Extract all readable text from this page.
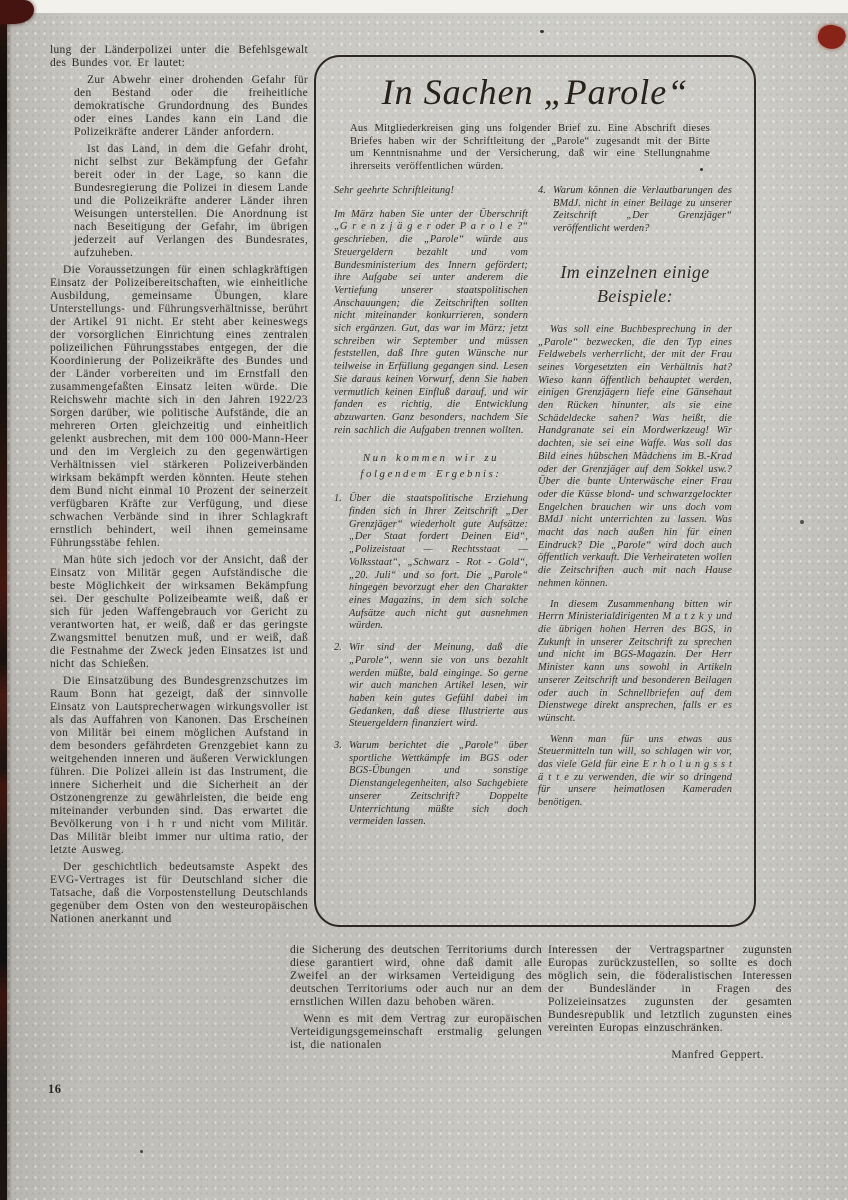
lung der Länderpolizei unter die Befehlsgewalt des Bundes vor. Er lautet:

Zur Abwehr einer drohenden Gefahr für den Bestand oder die freiheitliche demokratische Grundordnung des Bundes oder eines Landes kann ein Land die Polizeikräfte anderer Länder anfordern.

Ist das Land, in dem die Gefahr droht, nicht selbst zur Bekämpfung der Gefahr bereit oder in der Lage, so kann die Bundesregierung die Polizei in diesem Lande und die Polizeikräfte anderer Länder ihren Weisungen unterstellen. Die Anordnung ist nach Beseitigung der Gefahr, im übrigen jederzeit auf Verlangen des Bundesrates, aufzuheben.

Die Voraussetzungen für einen schlagkräftigen Einsatz der Polizeibereitschaften, wie einheitliche Ausbildung, gemeinsame Übungen, klare Unterstellungs- und Führungsverhältnisse, berührt der Artikel 91 nicht. Er steht aber keineswegs der vorsorglichen Einrichtung eines zentralen polizeilichen Führungsstabes entgegen, der die Koordinierung der Polizeikräfte des Bundes und der Länder vorbereiten und im Ernstfall den zusammengefaßten Einsatz leiten würde. Die Reichswehr machte sich in den Jahren 1922/23 Sorgen darüber, wie politische Aufstände, die an mehreren Orten gleichzeitig und einheitlich gelenkt ausbrechen, mit dem 100 000-Mann-Heer und den im Vergleich zu den gegenwärtigen Verhältnissen viel stärkeren Polizeiverbänden wirksam bekämpft werden könnten. Heute stehen dem Bund nicht einmal 10 Prozent der seinerzeit verfügbaren Kräfte zur Verfügung, und diese schwachen Verbände sind in ihrer Schlagkraft ernstlich behindert, weil ihnen gemeinsame Führungsstäbe fehlen.

Man hüte sich jedoch vor der Ansicht, daß der Einsatz von Militär gegen Aufständische die beste Möglichkeit der wirksamen Bekämpfung sei. Der geschulte Polizeibeamte weiß, daß er sich für jeden Waffengebrauch vor Gericht zu verantworten hat, er weiß, daß er das geringste Zwangsmittel benutzen muß, und er weiß, daß die Festnahme der Zweck jeden Einsatzes ist und nicht das Schießen.

Die Einsatzübung des Bundesgrenzschutzes im Raum Bonn hat gezeigt, daß der sinnvolle Einsatz von Lautsprecherwagen wirkungsvoller ist als das Auffahren von Kanonen. Das Erscheinen von Militär bei einem möglichen Aufstand in dem besonders gefährdeten Grenzgebiet kann zu weitgehenden inneren und äußeren Verwicklungen führen. Die Polizei allein ist das Instrument, die innere Sicherheit und die Sicherheit an der Ostzonengrenze zu gewährleisten, die beide eng miteinander verbunden sind. Das erwartet die Bevölkerung von i h r und nicht vom Militär. Das Militär bleibt immer nur ultima ratio, der letzte Ausweg.

Der geschichtlich bedeutsamste Aspekt des EVG-Vertrages ist für Deutschland sicher die Tatsache, daß die Vorpostenstellung Deutschlands gegenüber dem Osten von den westeuropäischen Nationen anerkannt und

In Sachen „Parole“

Aus Mitgliederkreisen ging uns folgender Brief zu. Eine Abschrift dieses Briefes haben wir der Schriftleitung der „Parole“ zugesandt mit der Bitte um Kenntnisnahme und der Versicherung, daß wir eine Stellungnahme ihrerseits veröffentlichen würden.

Sehr geehrte Schriftleitung!

Im März haben Sie unter der Überschrift „G r e n z j ä g e r oder P a r o l e ?“ geschrieben, die „Parole“ würde aus Steuergeldern bezahlt und vom Bundesministerium des Innern gefördert; ihre Aufgabe sei unter anderem die Vertiefung unserer staatspolitischen Anschauungen; die Zeitschriften sollten nicht miteinander konkurrieren, sondern sich ergänzen. Gut, das war im März; jetzt schreiben wir September und müssen feststellen, daß Ihre guten Wünsche nur teilweise in Erfüllung gegangen sind. Lesen Sie daraus keinen Vorwurf, denn Sie haben vermutlich keinen Einfluß darauf, und wir fanden es richtig, die Entwicklung abzuwarten. Ganz besonders, nachdem Sie rein sachlich die Aufgaben trennen wollten.

Nun kommen wir zu folgendem Ergebnis:
1. Über die staatspolitische Erziehung finden sich in Ihrer Zeitschrift „Der Grenzjäger“ wiederholt gute Aufsätze: „Der Staat fordert Deinen Eid“, „Polizeistaat — Rechtsstaat — Volksstaat“, „Schwarz - Rot - Gold“, „20. Juli“ und so fort. Die „Parole“ hingegen bevorzugt eher den Charakter eines Magazins, in dem sich solche Aufsätze auch nicht gut ausnehmen würden.

2. Wir sind der Meinung, daß die „Parole“, wenn sie von uns bezahlt werden müßte, bald einginge. So gerne wir auch manchen Artikel lesen, wir haben kein gutes Gefühl dabei im Gedanken, daß diese Illustrierte aus Steuergeldern finanziert wird.

3. Warum berichtet die „Parole“ über sportliche Wettkämpfe im BGS oder BGS-Übungen und sonstige Dienstangelegenheiten, also Sachgebiete unserer Zeitschrift? Doppelte Unterrichtung müßte sich doch vermeiden lassen.

4. Warum können die Verlautbarungen des BMdJ. nicht in einer Beilage zu unserer Zeitschrift „Der Grenzjäger“ veröffentlicht werden?

Im einzelnen einige Beispiele:

Was soll eine Buchbesprechung in der „Parole“ bezwecken, die den Typ eines Feldwebels verherrlicht, der mit der Frau seines Vorgesetzten ein Verhältnis hat? Wieso kann öffentlich behauptet werden, einigen Grenzjägern liefe eine Gänsehaut den Rücken hinunter, als sie eine Schädeldecke sahen? Was heißt, die Handgranate sei ein Mordwerkzeug! Wir dachten, sie sei eine Waffe. Was soll das Bild eines hübschen Mädchens im B.-Krad oder der Grenzjäger auf dem Sokkel usw.? Über die bunte Unterwäsche einer Frau oder die Küsse blond- und schwarzgelockter Engelchen brauchen wir uns doch vom BMdJ nicht unterrichten zu lassen. Was macht das nach außen hin für einen Eindruck? Die „Parole“ wird doch auch öffentlich verkauft. Die Verheirateten wollen die Zeitschriften auch mit nach Hause nehmen können.

In diesem Zusammenhang bitten wir Herrn Ministerialdirigenten M a t z k y und die übrigen hohen Herren des BGS, in Zukunft in unserer Zeitschrift zu sprechen und nicht im BGS-Magazin. Der Herr Minister kann uns sowohl in Artikeln unserer Zeitschrift und besonderen Beilagen oder auch in Schnellbriefen auf dem Dienstwege direkt ansprechen, falls er es wünscht.

Wenn man für uns etwas aus Steuermitteln tun will, so schlagen wir vor, das viele Geld für eine E r h o l u n g s s t ä t t e zu verwenden, die wir so dringend für unsere heimatlosen Kameraden benötigen.

die Sicherung des deutschen Territoriums durch diese garantiert wird, ohne daß damit alle Zweifel an der wirksamen Verteidigung des deutschen Territoriums oder auch nur an dem ernstlichen Willen dazu behoben wären.

Wenn es mit dem Vertrag zur europäischen Verteidigungsgemeinschaft erstmalig gelungen ist, die nationalen

Interessen der Vertragspartner zugunsten Europas zurückzustellen, so sollte es doch möglich sein, die föderalistischen Interessen der Bundesländer in Fragen des Polizeieinsatzes zugunsten der gesamten Bundesrepublik und letztlich zugunsten eines vereinten Europas einzuschränken.

Manfred Geppert.

16
